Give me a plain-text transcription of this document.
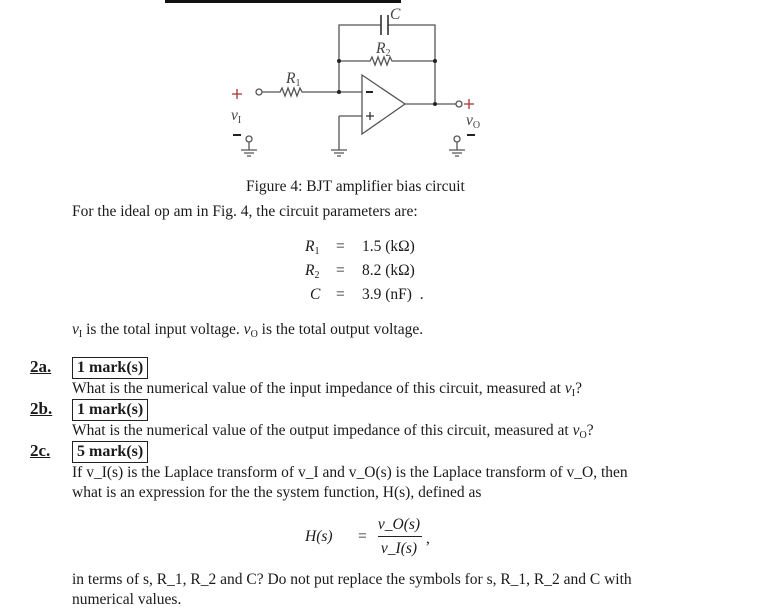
C
$R_2$
$R_1$
$v_I$	$v_O$
Figure 4: BJT amplifier bias circuit
For the ideal op am in Fig. 4, the circuit parameters are:
$R_1 = 1.5$ (kΩ)
$R_2 = 8.2$ (kΩ)
C = 3.9 (nF)  .
$v_I$ is the total input voltage. $v_O$ is the total output voltage.
2a.	1 mark(s)
What is the numerical value of the input impedance of this circuit, measured at $v_I$?
2b.	1 mark(s)
What is the numerical value of the output impedance of this circuit, measured at $v_O$?
2c.	5 mark(s)
If v_I(s) is the Laplace transform of v_I and v_O(s) is the Laplace transform of v_O, then
what is an expression for the the system function, H(s), defined as
H(s) =
v_O(s)
v_I(s)
,
in terms of s, R_1, R_2 and C? Do not put replace the symbols for s, R_1, R_2 and C with
numerical values.
